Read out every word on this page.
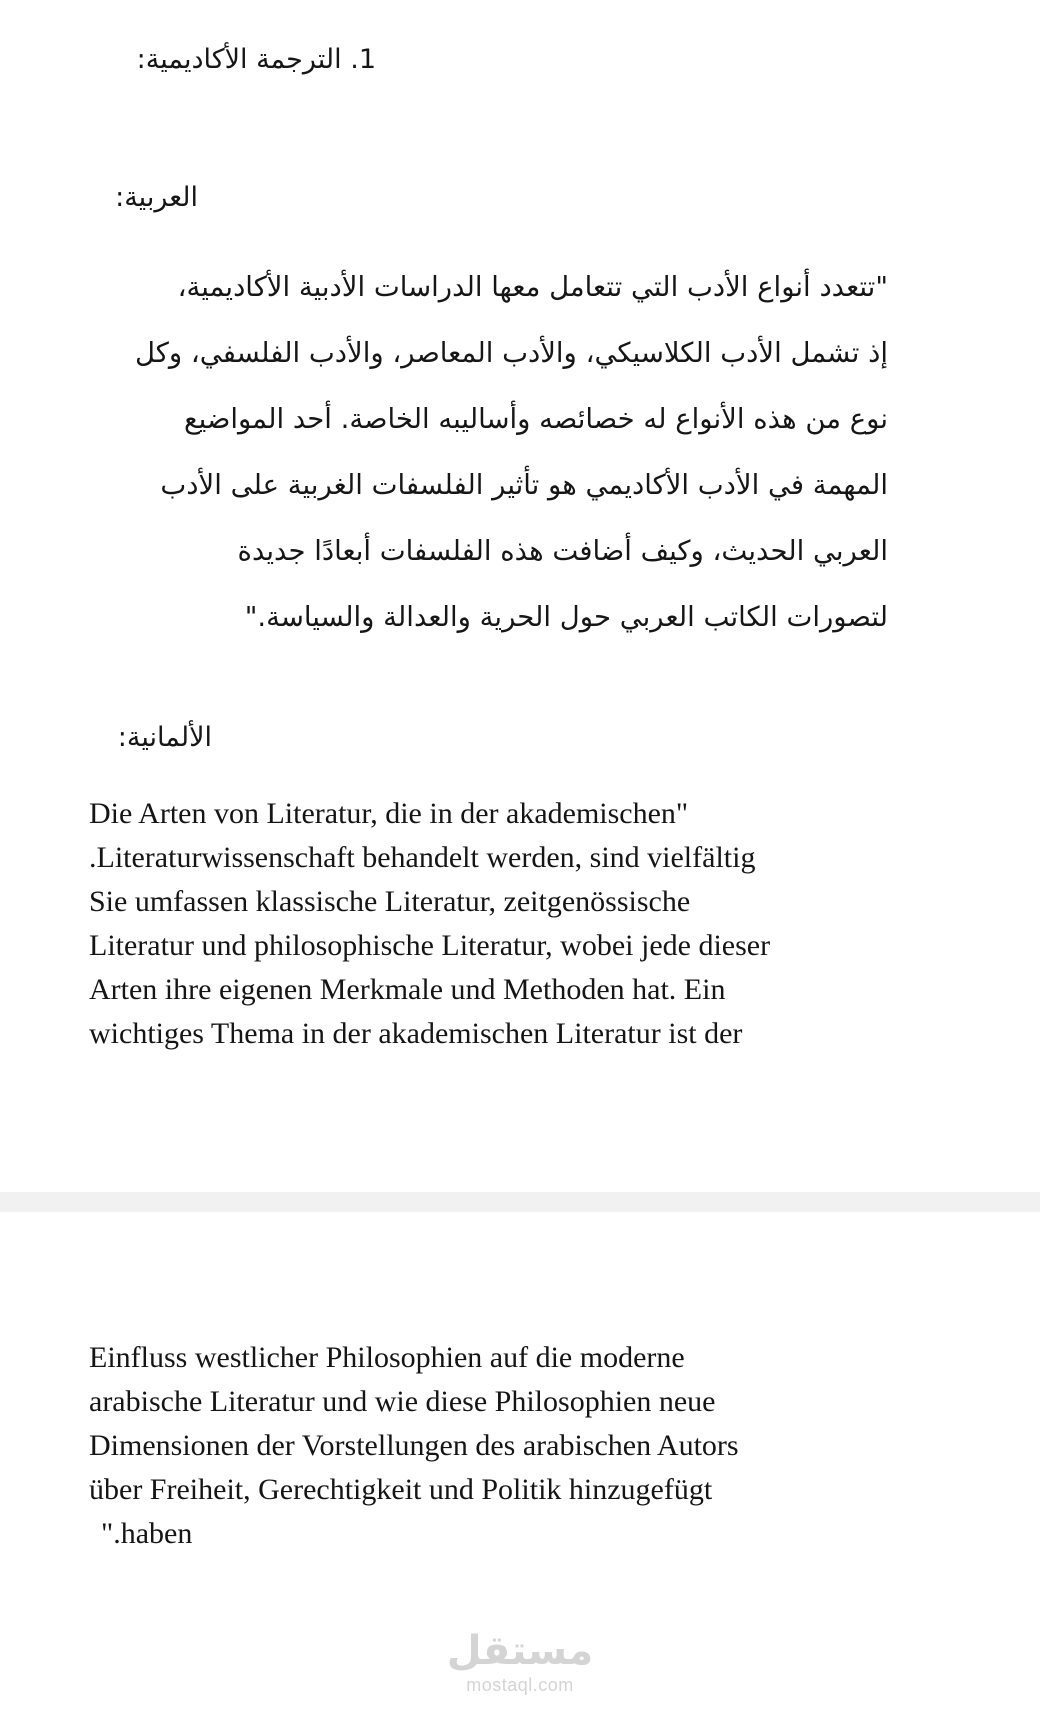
1. الترجمة الأكاديمية:
العربية:
"تتعدد أنواع الأدب التي تتعامل معها الدراسات الأدبية الأكاديمية،
إذ تشمل الأدب الكلاسيكي، والأدب المعاصر، والأدب الفلسفي، وكل
نوع من هذه الأنواع له خصائصه وأساليبه الخاصة. أحد المواضيع
المهمة في الأدب الأكاديمي هو تأثير الفلسفات الغربية على الأدب
العربي الحديث، وكيف أضافت هذه الفلسفات أبعادًا جديدة
لتصورات الكاتب العربي حول الحرية والعدالة والسياسة."
الألمانية:
Die Arten von Literatur, die in der akademischen"
.Literaturwissenschaft behandelt werden, sind vielfältig
Sie umfassen klassische Literatur, zeitgenössische
Literatur und philosophische Literatur, wobei jede dieser
Arten ihre eigenen Merkmale und Methoden hat. Ein
wichtiges Thema in der akademischen Literatur ist der
Einfluss westlicher Philosophien auf die moderne
arabische Literatur und wie diese Philosophien neue
Dimensionen der Vorstellungen des arabischen Autors
über Freiheit, Gerechtigkeit und Politik hinzugefügt
".haben
مستقل
mostaql.com
